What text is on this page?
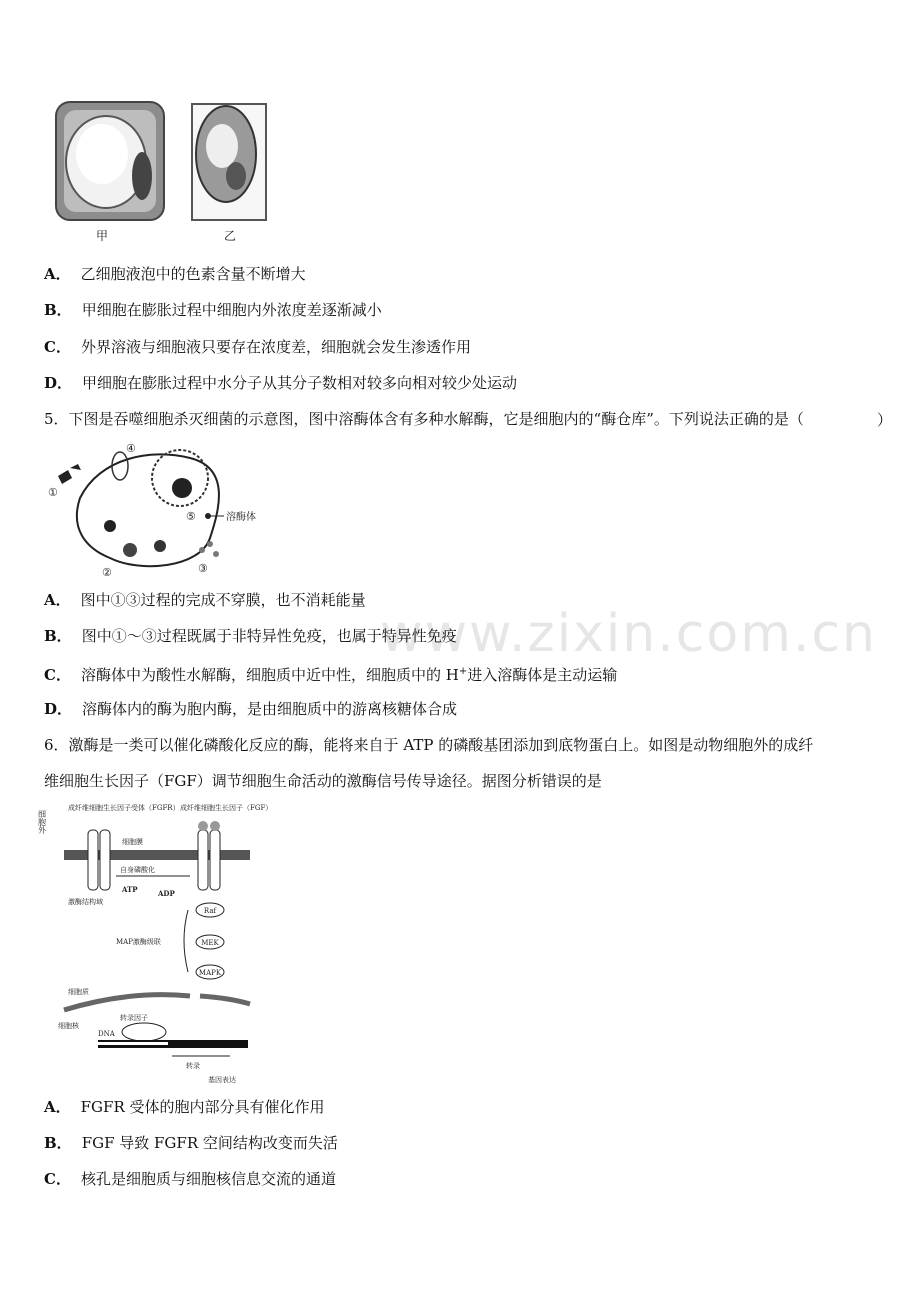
甲	乙
A． 乙细胞液泡中的色素含量不断增大
B． 甲细胞在膨胀过程中细胞内外浓度差逐渐减小
C． 外界溶液与细胞液只要存在浓度差，细胞就会发生渗透作用
D． 甲细胞在膨胀过程中水分子从其分子数相对较多向相对较少处运动
5．下图是吞噬细胞杀灭细菌的示意图，图中溶酶体含有多种水解酶，它是细胞内的“酶仓库”。下列说法正确的是（	）
①
④
⑤	溶酶体
②	③
www.zixin.com.cn
A． 图中①③过程的完成不穿膜，也不消耗能量
B． 图中①～③过程既属于非特异性免疫，也属于特异性免疫
C． 溶酶体中为酸性水解酶，细胞质中近中性，细胞质中的 H+进入溶酶体是主动运输
D． 溶酶体内的酶为胞内酶，是由细胞质中的游离核糖体合成
6．激酶是一类可以催化磷酸化反应的酶，能将来自于 ATP 的磷酸基团添加到底物蛋白上。如图是动物细胞外的成纤
维细胞生长因子（FGF）调节细胞生命活动的激酶信号传导途径。据图分析错误的是
细胞外
成纤维细胞生长因子受体（FGFR） 成纤维细胞生长因子（FGF）
细胞膜
自身磷酸化
ATP	ADP
激酶结构域
Raf
MEK
MAPK
MAP激酶级联
细胞质
细胞核
转录因子
DNA
转录
基因表达
A． FGFR 受体的胞内部分具有催化作用
B． FGF 导致 FGFR 空间结构改变而失活
C． 核孔是细胞质与细胞核信息交流的通道
